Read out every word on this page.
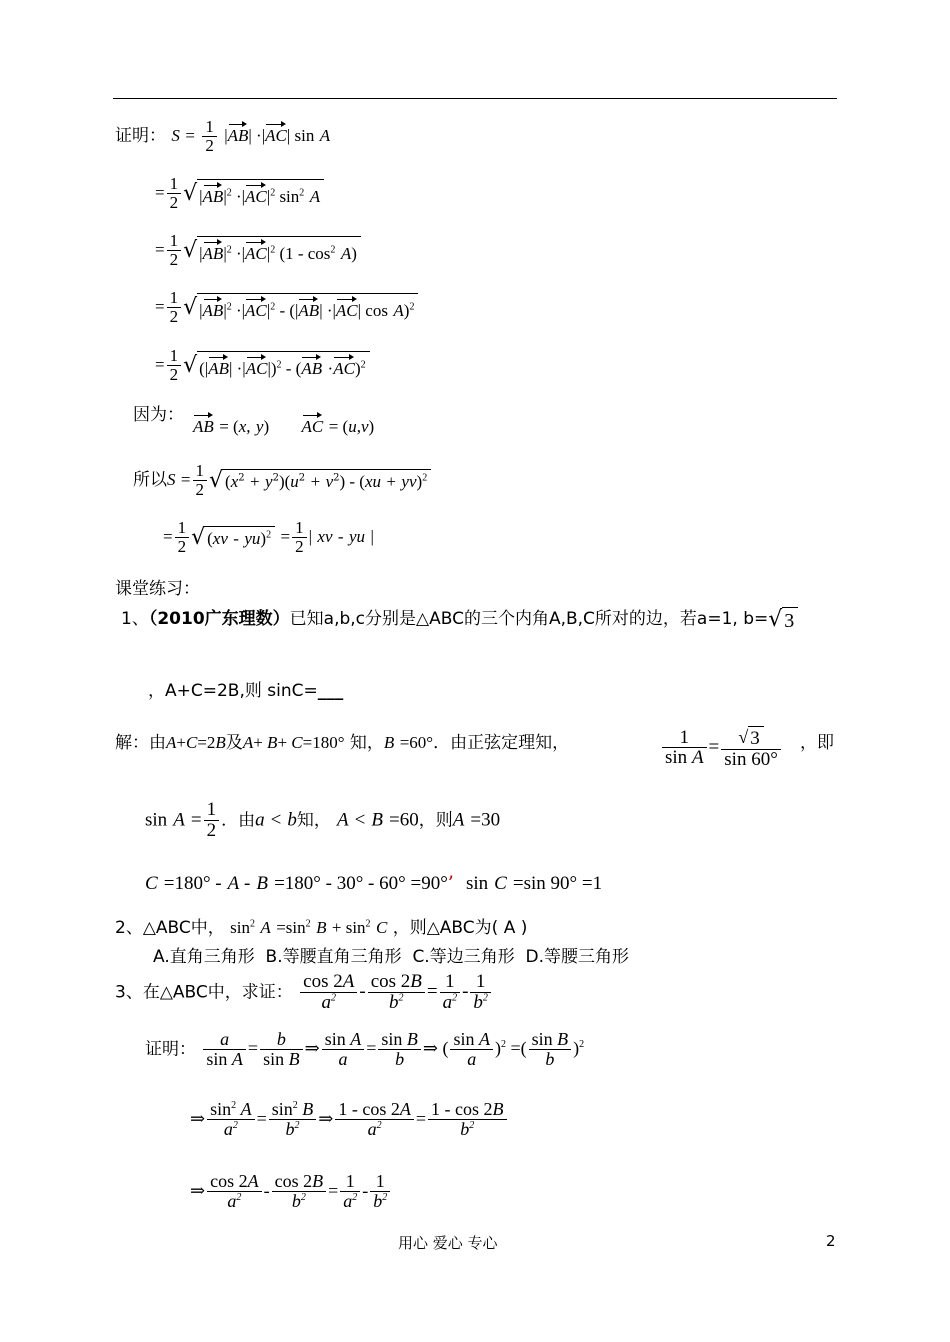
证明： $S = \frac{1}{2} |AB| \cdot|AC|$ sin A
= $\frac{1}{2}$ √ $|AB|^2 \cdot|AC|^2$ $\sin^2 A$
= $\frac{1}{2}$ √ $|AB|^2 \cdot|AC|^2$ $(1 - \cos^2 A)$
= $\frac{1}{2}$ √ $|AB|^2 \cdot|AC|^2 - (|AB| \cdot|AC|$ cos A)$^2$
= $\frac{1}{2}$ √ $(|AB| \cdot|AC|)^2 - (AB \cdot AC)^2$
因为：
AB = (x, y) AC = (u,v)
所以$S = \frac{1}{2}$ √ $(x^2 + y^2)(u^2 + v^2) - (xu + yv)^2$
= $\frac{1}{2}$ √ $(xv - yu)^2 = \frac{1}{2}$ | xv - yu |
课堂练习：
1、（2010广东理数）已知a,b,c分别是△ABC的三个内角A,B,C所对的边，若a=1, b=√ 3
，A+C=2B,则 sinC=___
解：由A+C=2B及A+ B+ C=180° 知，B =60°．由正弦定理知，	$\frac{1}{\text{sin A}} = \frac{√ 3}{\sin 60^\circ}$ ，即
$\sin A = \frac{1}{2}$ ．由a < b知， A < B =60，则A =30
C =180° - A - B =180° - 30° - 60° =90°’ sin C =sin 90° =1
2、△ABC中， $\sin^2 A =\sin^2$ $B + \sin^2 C$ ，则△ABC为( A )
A.直角三角形 B.等腰直角三角形 C.等边三角形 D.等腰三角形
3、在△ABC中，求证： $\frac{\cos 2A}{a^2} - \frac{\cos 2B}{b^2} = \frac{1}{a^2} - \frac{1}{b^2}$
证明： $\frac{a}{\text{sin A}} = \frac{b}{\text{sin B}}$ ⇒ $\frac{\text{sin A}}{a} = \frac{\text{sin B}}{b}$ ⇒ ( $\frac{\text{sin A}}{a} )^2$ =( $\frac{\text{sin B}}{b} )^2$
⇒ $\frac{\sin^2 A}{a^2} = \frac{\sin^2 B}{b^2}$ ⇒ $\frac{1 - \cos 2A}{a^2} = \frac{1 - \cos 2B}{b^2}$
⇒ $\frac{\cos 2A}{a^2} - \frac{\cos 2B}{b^2} = \frac{1}{a^2} - \frac{1}{b^2}$
用心 爱心 专心	2
